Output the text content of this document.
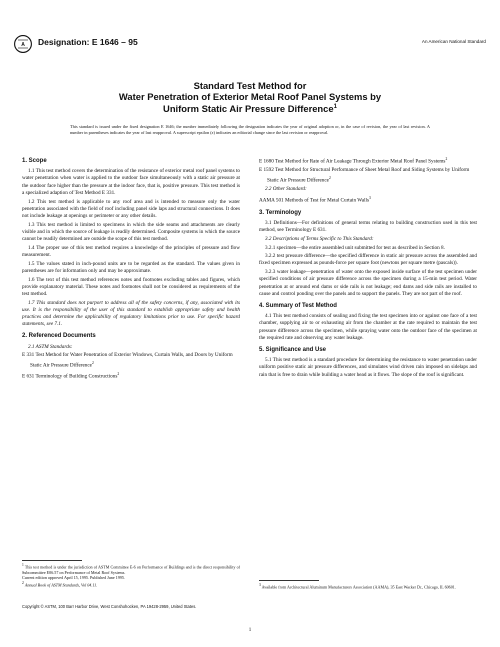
A Designation: E 1646 – 95	An American National Standard
Standard Test Method for
Water Penetration of Exterior Metal Roof Panel Systems by
Uniform Static Air Pressure Difference$^1$
This standard is issued under the fixed designation E 1646; the number immediately following the designation indicates the year of original adoption or, in the case of revision, the year of last revision. A number in parentheses indicates the year of last reapproval. A superscript epsilon (ε) indicates an editorial change since the last revision or reapproval.
1. Scope
1.1 This test method covers the determination of the resistance of exterior metal roof panel systems to water penetration when water is applied to the outdoor face simultaneously with a static air pressure at the outdoor face higher than the pressure at the indoor face, that is, positive pressure. This test method is a specialized adaption of Test Method E 331.
1.2 This test method is applicable to any roof area and is intended to measure only the water penetration associated with the field of roof including panel side laps and structural connections. It does not include leakage at openings or perimeter or any other details.
1.3 This test method is limited to specimens in which the side seams and attachments are clearly visible and in which the source of leakage is readily determined. Composite systems in which the source cannot be readily determined are outside the scope of this test method.
1.4 The proper use of this test method requires a knowledge of the principles of pressure and flow measurement.
1.5 The values stated in inch-pound units are to be regarded as the standard. The values given in parentheses are for information only and may be approximate.
1.6 The text of this test method references notes and footnotes excluding tables and figures, which provide explanatory material. These notes and footnotes shall not be considered as requirements of the test method.
1.7 This standard does not purport to address all of the safety concerns, if any, associated with its use. It is the responsibility of the user of this standard to establish appropriate safety and health practices and determine the applicability of regulatory limitations prior to use. For specific hazard statements, see 7.1.
2. Referenced Documents
2.1 ASTM Standards:
E 331 Test Method for Water Penetration of Exterior Windows, Curtain Walls, and Doors by Uniform Static Air Pressure Difference$^2$
E 631 Terminology of Building Constructions$^2$
$^1$ This test method is under the jurisdiction of ASTM Committee E-6 on Performance of Buildings and is the direct responsibility of Subcommittee E06.57 on Performance of Metal Roof Systems.
Current edition approved April 15, 1995. Published June 1995.
$^2$ Annual Book of ASTM Standards, Vol 04.11.
E 1680 Test Method for Rate of Air Leakage Through Exterior Metal Roof Panel Systems$^2$
E 1592 Test Method for Structural Performance of Sheet Metal Roof and Siding Systems by Uniform Static Air Pressure Difference$^2$
2.2 Other Standard:
AAMA 501 Methods of Test for Metal Curtain Walls$^3$
3. Terminology
3.1 Definitions—For definitions of general terms relating to building construction used in this test method, see Terminology E 631.
3.2 Descriptions of Terms Specific to This Standard:
3.2.1 specimen—the entire assembled unit submitted for test as described in Section 8.
3.2.2 test pressure difference—the specified difference in static air pressure across the assembled and fixed specimen expressed as pounds-force per square foot (newtons per square metre (pascals)).
3.2.3 water leakage—penetration of water onto the exposed inside surface of the test specimen under specified conditions of air pressure difference across the specimen during a 15-min test period. Water penetration at or around end dams or side rails is not leakage; end dams and side rails are installed to cause and control ponding over the panels and to support the panels. They are not part of the roof.
4. Summary of Test Method
4.1 This test method consists of sealing and fixing the test specimen into or against one face of a test chamber, supplying air to or exhausting air from the chamber at the rate required to maintain the test pressure difference across the specimen, while spraying water onto the outdoor face of the specimen at the required rate and observing any water leakage.
5. Significance and Use
5.1 This test method is a standard procedure for determining the resistance to water penetration under uniform positive static air pressure differences, and simulates wind driven rain imposed on sidelaps and rain that is free to drain while building a water head as it flows. The slope of the roof is significant.
$^3$ Available from Architectural Aluminum Manufacturers Association (AAMA), 35 East Wacker Dr., Chicago, IL 60601.
Copyright © ASTM, 100 Barr Harbor Drive, West Conshohocken, PA 19428-2959, United States.
1
